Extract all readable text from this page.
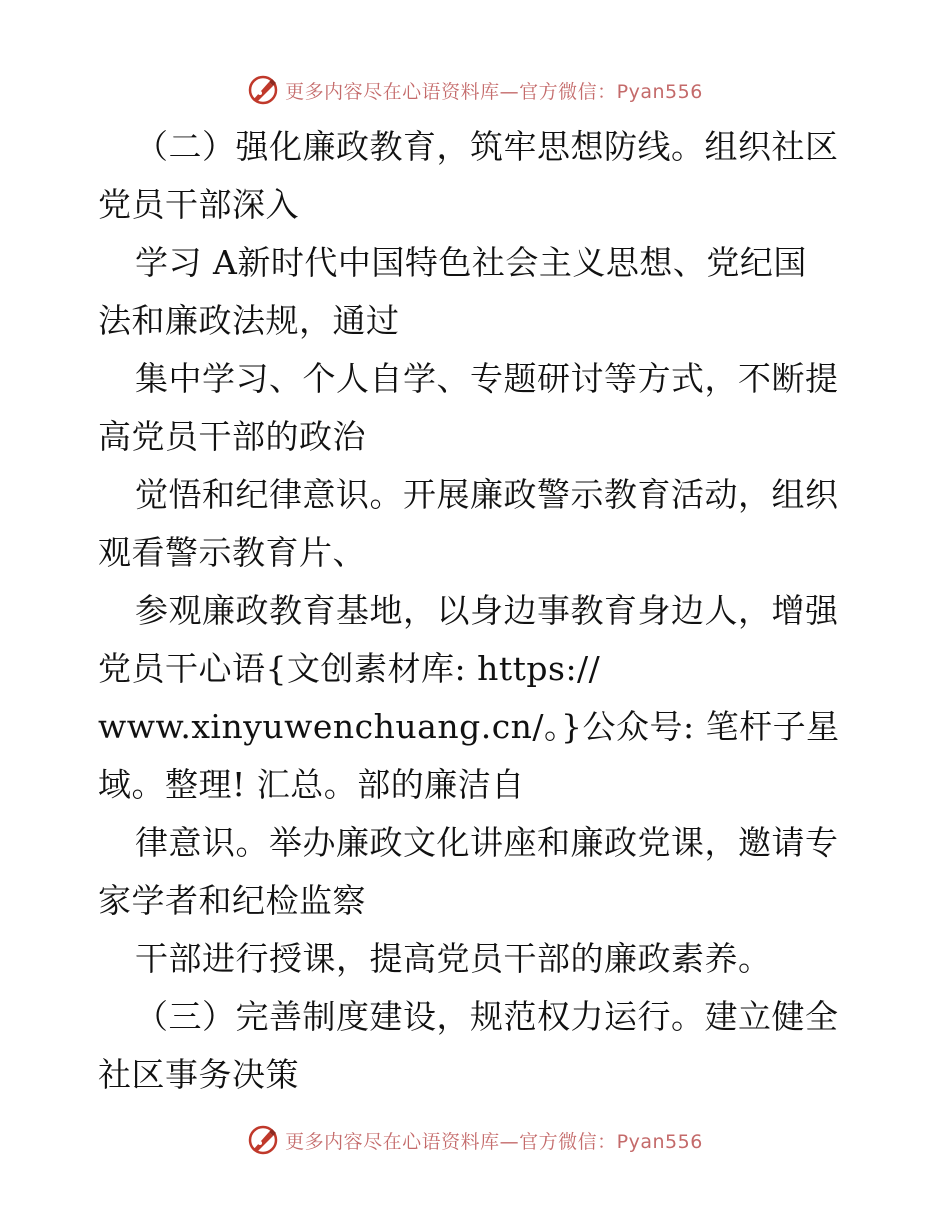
更多内容尽在心语资料库—官方微信：Pyan556
（二）强化廉政教育，筑牢思想防线。组织社区
党员干部深入
学习 A新时代中国特色社会主义思想、党纪国
法和廉政法规，通过
集中学习、个人自学、专题研讨等方式，不断提
高党员干部的政治
觉悟和纪律意识。开展廉政警示教育活动，组织
观看警示教育片、
参观廉政教育基地，以身边事教育身边人，增强
党员干心语{文创素材库: https://
www.xinyuwenchuang.cn/。}公众号: 笔杆子星
域。整理! 汇总。部的廉洁自
律意识。举办廉政文化讲座和廉政党课，邀请专
家学者和纪检监察
干部进行授课，提高党员干部的廉政素养。
（三）完善制度建设，规范权力运行。建立健全
社区事务决策
更多内容尽在心语资料库—官方微信：Pyan556
